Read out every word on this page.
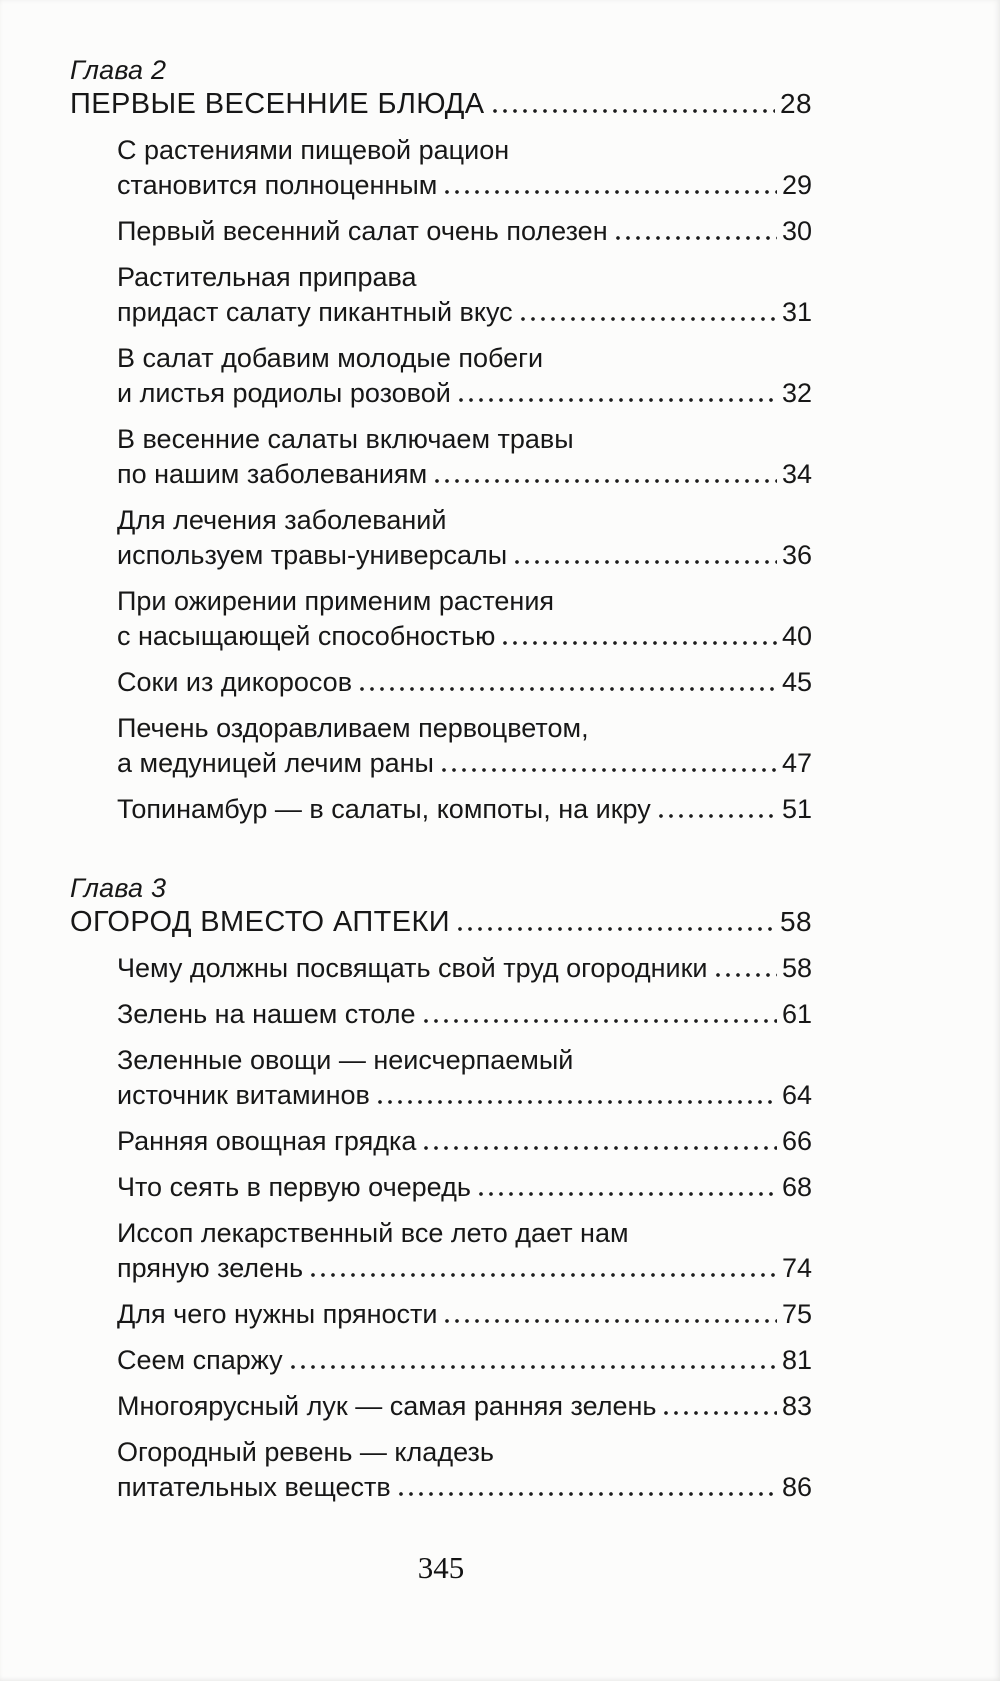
Глава 2
ПЕРВЫЕ ВЕСЕННИЕ БЛЮДА	28
С растениями пищевой рацион
становится полноценным	29
Первый весенний салат очень полезен	30
Растительная приправа
придаст салату пикантный вкус	31
В салат добавим молодые побеги
и листья родиолы розовой	32
В весенние салаты включаем травы
по нашим заболеваниям	34
Для лечения заболеваний
используем травы-универсалы	36
При ожирении применим растения
с насыщающей способностью	40
Соки из дикоросов	45
Печень оздоравливаем первоцветом,
а медуницей лечим раны	47
Топинамбур — в салаты, компоты, на икру	51
Глава 3
ОГОРОД ВМЕСТО АПТЕКИ	58
Чему должны посвящать свой труд огородники	58
Зелень на нашем столе	61
Зеленные овощи — неисчерпаемый
источник витаминов	64
Ранняя овощная грядка	66
Что сеять в первую очередь	68
Иссоп лекарственный все лето дает нам
пряную зелень	74
Для чего нужны пряности	75
Сеем спаржу	81
Многоярусный лук — самая ранняя зелень	83
Огородный ревень — кладезь
питательных веществ	86
345
